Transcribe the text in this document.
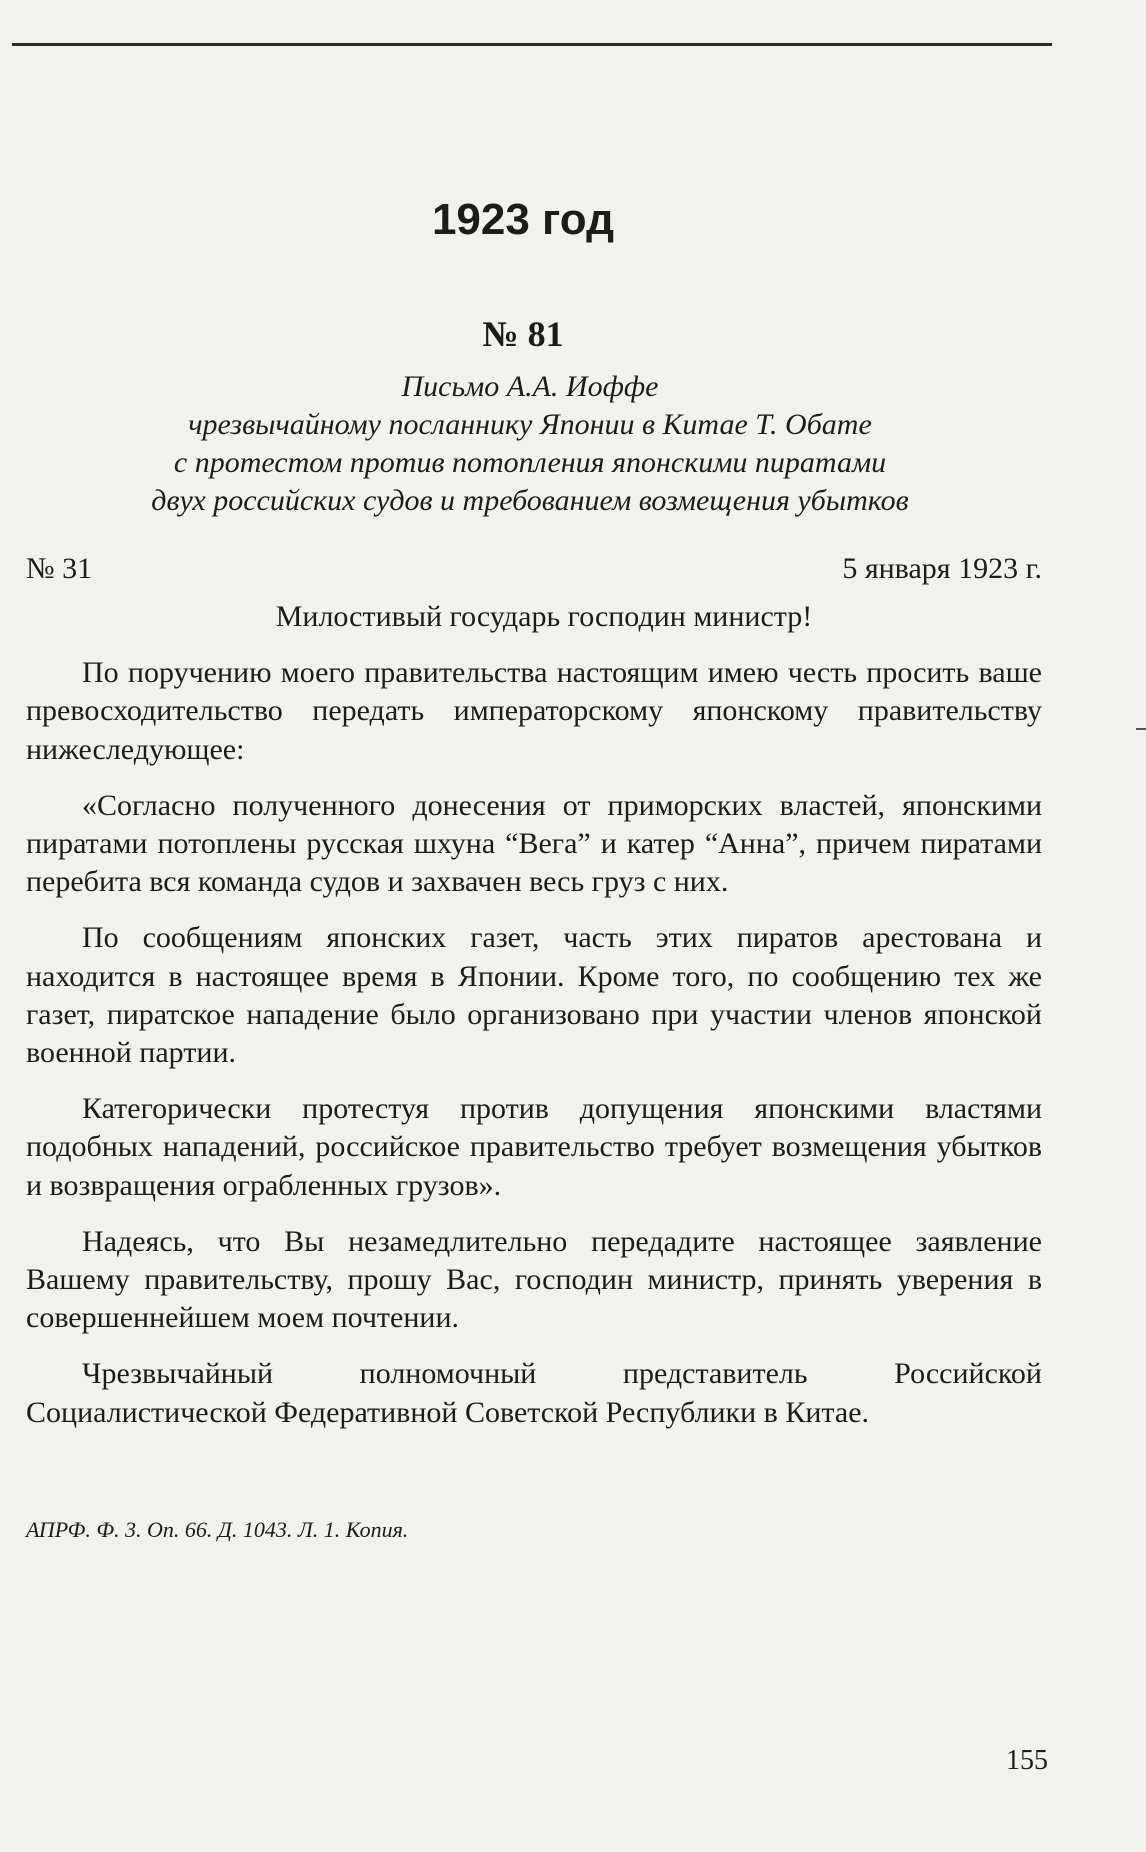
1923 год
№ 81
Письмо А.А. Иоффе
чрезвычайному посланнику Японии в Китае Т. Обате
с протестом против потопления японскими пиратами
двух российских судов и требованием возмещения убытков
№ 31	5 января 1923 г.

Милостивый государь господин министр!

По поручению моего правительства настоящим имею честь просить ваше превосходительство передать императорскому японскому правительству нижеследующее:

«Согласно полученного донесения от приморских властей, японскими пиратами потоплены русская шхуна “Вега” и катер “Анна”, причем пиратами перебита вся команда судов и захвачен весь груз с них.

По сообщениям японских газет, часть этих пиратов арестована и находится в настоящее время в Японии. Кроме того, по сообщению тех же газет, пиратское нападение было организовано при участии членов японской военной партии.

Категорически протестуя против допущения японскими властями подобных нападений, российское правительство требует возмещения убытков и возвращения ограбленных грузов».

Надеясь, что Вы незамедлительно передадите настоящее заявление Вашему правительству, прошу Вас, господин министр, принять уверения в совершеннейшем моем почтении.

Чрезвычайный полномочный представитель Российской Социалистической Федеративной Советской Республики в Китае.

АПРФ. Ф. 3. Оп. 66. Д. 1043. Л. 1. Копия.
155
